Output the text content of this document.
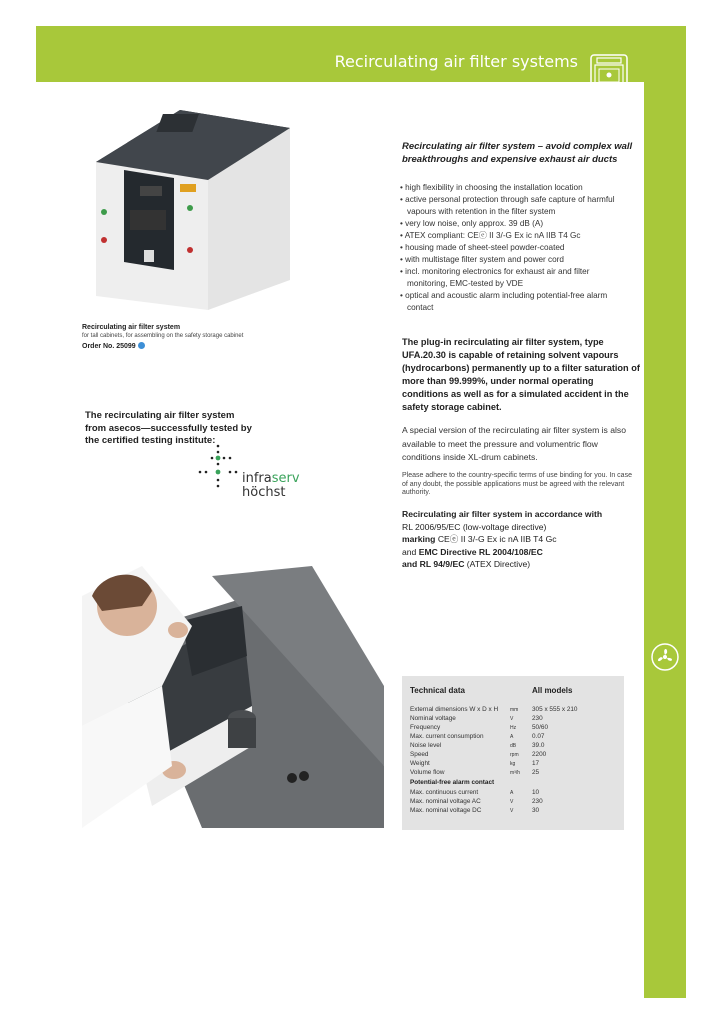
Recirculating air filter systems
Recirculating air filter system
for tall cabinets, for assembling on the safety storage cabinet
Order No. 25099
The recirculating air filter system
from asecos—successfully tested by
the certified testing institute:
infraserv
höchst
Recirculating air filter system – avoid complex wall
breakthroughs and expensive exhaust air ducts
• high flexibility in choosing the installation location
• active personal protection through safe capture of harmful vapours with retention in the filter system
• very low noise, only approx. 39 dB (A)
• ATEX compliant: CEⓔ II 3/-G Ex ic nA IIB T4 Gc
• housing made of sheet-steel powder-coated
• with multistage filter system and power cord
• incl. monitoring electronics for exhaust air and filter monitoring, EMC-tested by VDE
• optical and acoustic alarm including potential-free alarm contact
The plug-in recirculating air filter system, type UFA.20.30 is capable of retaining solvent vapours (hydrocarbons) permanently up to a filter saturation of more than 99.999%, under normal operating conditions as well as for a simulated accident in the safety storage cabinet.
A special version of the recirculating air filter system is also available to meet the pressure and volumentric flow conditions inside XL-drum cabinets.
Please adhere to the country-specific terms of use binding for you. In case of any doubt, the possible applications must be agreed with the relevant authority.
Recirculating air filter system in accordance with
RL 2006/95/EC (low-voltage directive)
marking CEⓔ II 3/-G Ex ic nA IIB T4 Gc
and EMC Directive RL 2004/108/EC
and RL 94/9/EC (ATEX Directive)
Technical data	All models
External dimensions W x D x H mm 305 x 555 x 210
Nominal voltage	V	230
Frequency	Hz 50/60
Max. current consumption	A	0.07
Noise level	dB 39.0
Speed	rpm 2200
Weight	kg	17
Volume flow	m³/h 25
Potential-free alarm contact
Max. continuous current	A	10
Max. nominal voltage AC	V	230
Max. nominal voltage DC	V	30
